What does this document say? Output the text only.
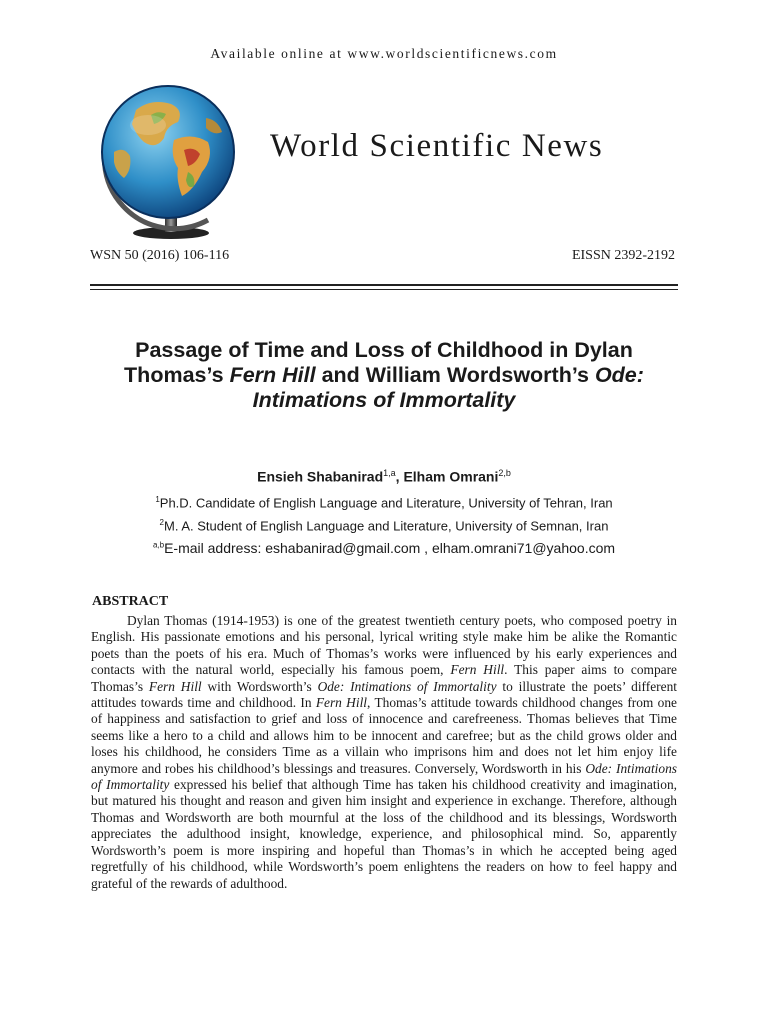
Available online at www.worldscientificnews.com
World Scientific News
WSN 50 (2016) 106-116	EISSN 2392-2192
Passage of Time and Loss of Childhood in Dylan Thomas’s Fern Hill and William Wordsworth’s Ode: Intimations of Immortality
Ensieh Shabanirad$^{1,a}$, Elham Omrani$^{2,b}$
$^1$Ph.D. Candidate of English Language and Literature, University of Tehran, Iran
$^2$M. A. Student of English Language and Literature, University of Semnan, Iran
$^{a,b}$E-mail address: eshabanirad@gmail.com , elham.omrani71@yahoo.com
ABSTRACT

Dylan Thomas (1914-1953) is one of the greatest twentieth century poets, who composed poetry in English. His passionate emotions and his personal, lyrical writing style make him be alike the Romantic poets than the poets of his era. Much of Thomas’s works were influenced by his early experiences and contacts with the natural world, especially his famous poem, Fern Hill. This paper aims to compare Thomas’s Fern Hill with Wordsworth’s Ode: Intimations of Immortality to illustrate the poets’ different attitudes towards time and childhood. In Fern Hill, Thomas’s attitude towards childhood changes from one of happiness and satisfaction to grief and loss of innocence and carefreeness. Thomas believes that Time seems like a hero to a child and allows him to be innocent and carefree; but as the child grows older and loses his childhood, he considers Time as a villain who imprisons him and does not let him enjoy life anymore and robes his childhood’s blessings and treasures. Conversely, Wordsworth in his Ode: Intimations of Immortality expressed his belief that although Time has taken his childhood creativity and imagination, but matured his thought and reason and given him insight and experience in exchange. Therefore, although Thomas and Wordsworth are both mournful at the loss of the childhood and its blessings, Wordsworth appreciates the adulthood insight, knowledge, experience, and philosophical mind. So, apparently Wordsworth’s poem is more inspiring and hopeful than Thomas’s in which he accepted being aged regretfully of his childhood, while Wordsworth’s poem enlightens the readers on how to feel happy and grateful of the rewards of adulthood.
